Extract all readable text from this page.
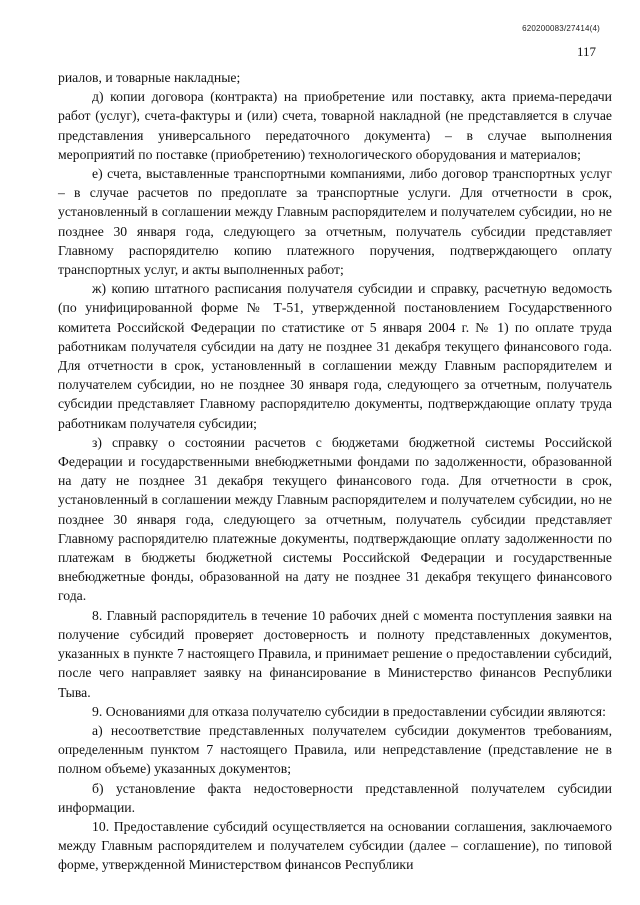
620200083/27414(4)
117

риалов, и товарные накладные;

д) копии договора (контракта) на приобретение или поставку, акта приема-передачи работ (услуг), счета-фактуры и (или) счета, товарной накладной (не представляется в случае представления универсального передаточного документа) – в случае выполнения мероприятий по поставке (приобретению) технологического оборудования и материалов;

е) счета, выставленные транспортными компаниями, либо договор транспортных услуг – в случае расчетов по предоплате за транспортные услуги. Для отчетности в срок, установленный в соглашении между Главным распорядителем и получателем субсидии, но не позднее 30 января года, следующего за отчетным, получатель субсидии представляет Главному распорядителю копию платежного поручения, подтверждающего оплату транспортных услуг, и акты выполненных работ;

ж) копию штатного расписания получателя субсидии и справку, расчетную ведомость (по унифицированной форме № Т-51, утвержденной постановлением Государственного комитета Российской Федерации по статистике от 5 января 2004 г. № 1) по оплате труда работникам получателя субсидии на дату не позднее 31 декабря текущего финансового года. Для отчетности в срок, установленный в соглашении между Главным распорядителем и получателем субсидии, но не позднее 30 января года, следующего за отчетным, получатель субсидии представляет Главному распорядителю документы, подтверждающие оплату труда работникам получателя субсидии;

з) справку о состоянии расчетов с бюджетами бюджетной системы Российской Федерации и государственными внебюджетными фондами по задолженности, образованной на дату не позднее 31 декабря текущего финансового года. Для отчетности в срок, установленный в соглашении между Главным распорядителем и получателем субсидии, но не позднее 30 января года, следующего за отчетным, получатель субсидии представляет Главному распорядителю платежные документы, подтверждающие оплату задолженности по платежам в бюджеты бюджетной системы Российской Федерации и государственные внебюджетные фонды, образованной на дату не позднее 31 декабря текущего финансового года.

8. Главный распорядитель в течение 10 рабочих дней с момента поступления заявки на получение субсидий проверяет достоверность и полноту представленных документов, указанных в пункте 7 настоящего Правила, и принимает решение о предоставлении субсидий, после чего направляет заявку на финансирование в Министерство финансов Республики Тыва.

9. Основаниями для отказа получателю субсидии в предоставлении субсидии являются:

а) несоответствие представленных получателем субсидии документов требованиям, определенным пунктом 7 настоящего Правила, или непредставление (представление не в полном объеме) указанных документов;

б) установление факта недостоверности представленной получателем субсидии информации.

10. Предоставление субсидий осуществляется на основании соглашения, заключаемого между Главным распорядителем и получателем субсидии (далее – соглашение), по типовой форме, утвержденной Министерством финансов Республики
